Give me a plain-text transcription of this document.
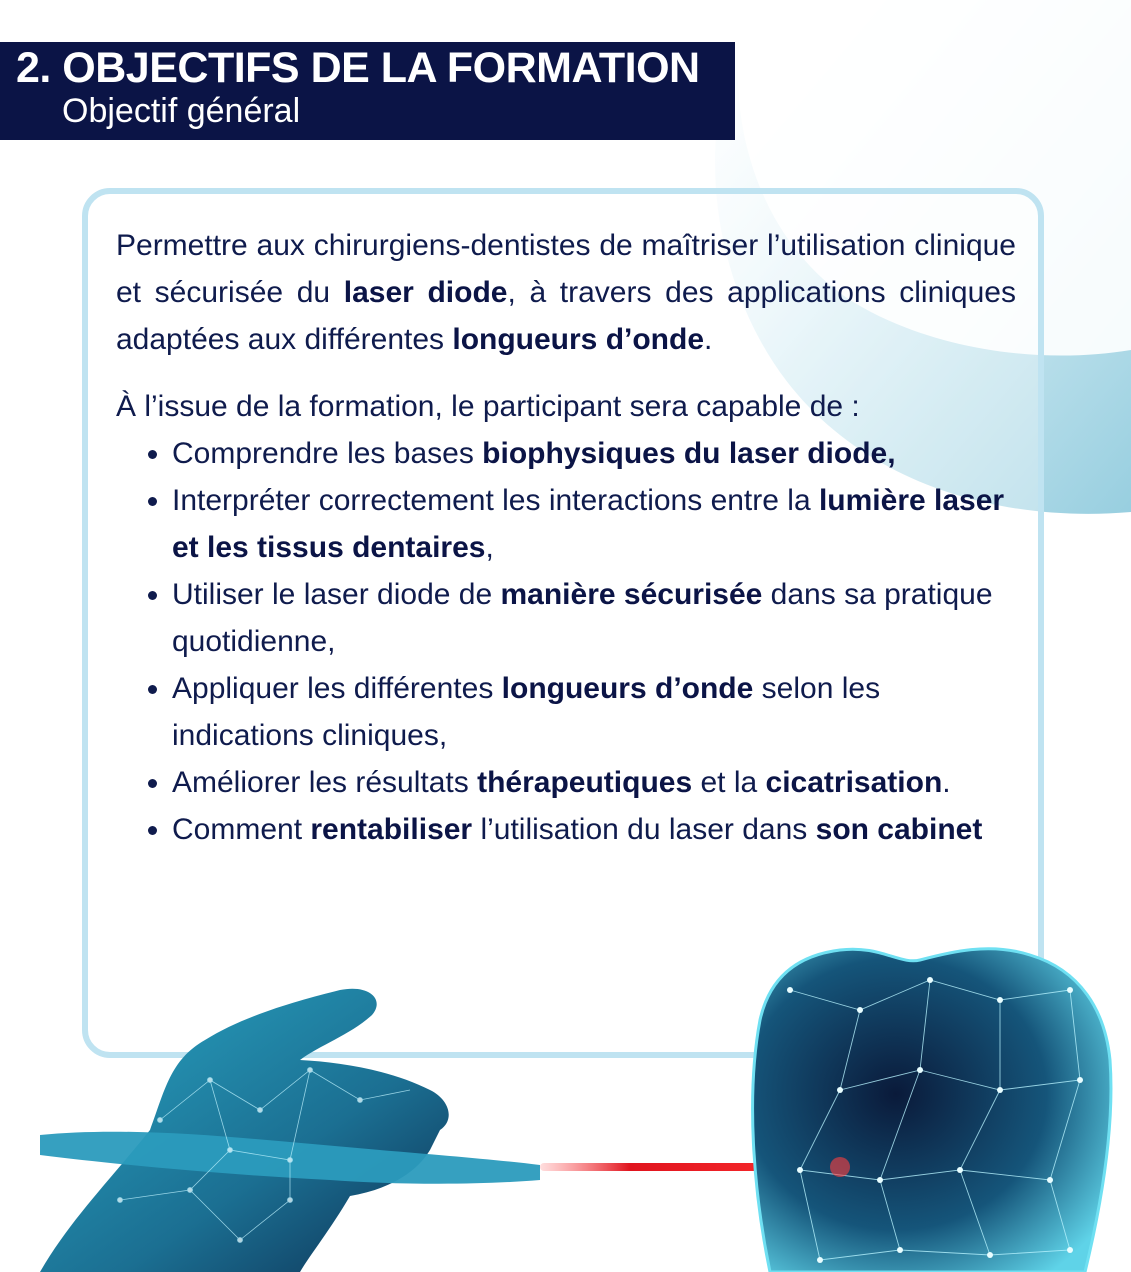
2. OBJECTIFS DE LA FORMATION
Objectif général

Permettre aux chirurgiens-dentistes de maîtriser l’utilisation clinique et sécurisée du laser diode, à travers des applications cliniques adaptées aux différentes longueurs d’onde.

À l’issue de la formation, le participant sera capable de :

• Comprendre les bases biophysiques du laser diode,
• Interpréter correctement les interactions entre la lumière laser et les tissus dentaires,
• Utiliser le laser diode de manière sécurisée dans sa pratique quotidienne,
• Appliquer les différentes longueurs d’onde selon les indications cliniques,
• Améliorer les résultats thérapeutiques et la cicatrisation.
• Comment rentabiliser l’utilisation du laser dans son cabinet
